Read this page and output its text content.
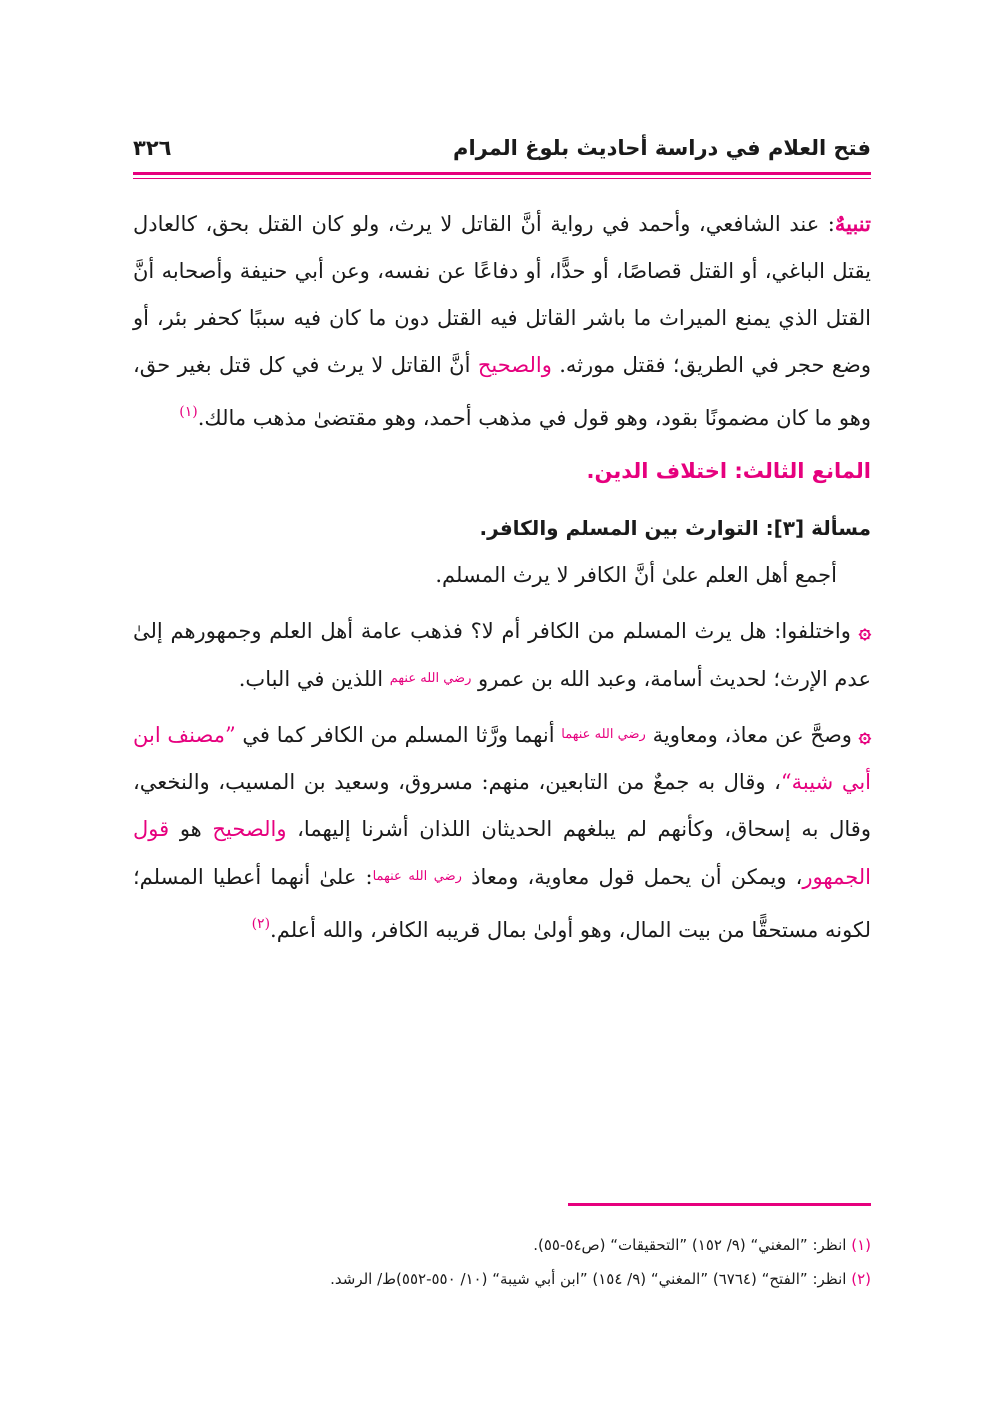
فتح العلام في دراسة أحاديث بلوغ المرام
٣٢٦

تنبيهٌ: عند الشافعي، وأحمد في رواية أنَّ القاتل لا يرث، ولو كان القتل بحق، كالعادل يقتل الباغي، أو القتل قصاصًا، أو حدًّا، أو دفاعًا عن نفسه، وعن أبي حنيفة وأصحابه أنَّ القتل الذي يمنع الميراث ما باشر القاتل فيه القتل دون ما كان فيه سببًا كحفر بئر، أو وضع حجر في الطريق؛ فقتل مورثه. والصحيح أنَّ القاتل لا يرث في كل قتل بغير حق، وهو ما كان مضمونًا بقود، وهو قول في مذهب أحمد، وهو مقتضىٰ مذهب مالك.$^{(١)}$

المانع الثالث: اختلاف الدين.

مسألة [٣]: التوارث بين المسلم والكافر.

أجمع أهل العلم علىٰ أنَّ الكافر لا يرث المسلم.

۞ واختلفوا: هل يرث المسلم من الكافر أم لا؟ فذهب عامة أهل العلم وجمهورهم إلىٰ عدم الإرث؛ لحديث أسامة، وعبد الله بن عمرو رضي الله عنهم اللذين في الباب.

۞ وصحَّ عن معاذ، ومعاوية رضي الله عنهما أنهما ورَّثا المسلم من الكافر كما في ”مصنف ابن أبي شيبة“، وقال به جمعٌ من التابعين، منهم: مسروق، وسعيد بن المسيب، والنخعي، وقال به إسحاق، وكأنهم لم يبلغهم الحديثان اللذان أشرنا إليهما، والصحيح هو قول الجمهور، ويمكن أن يحمل قول معاوية، ومعاذ رضي الله عنهما: علىٰ أنهما أعطيا المسلم؛ لكونه مستحقًّا من بيت المال، وهو أولىٰ بمال قريبه الكافر، والله أعلم.$^{(٢)}$

(١) انظر: ”المغني“ (٩/ ١٥٢) ”التحقيقات“ (ص٥٤-٥٥).

(٢) انظر: ”الفتح“ (٦٧٦٤) ”المغني“ (٩/ ١٥٤) ”ابن أبي شيبة“ (١٠/ ٥٥٠-٥٥٢)ط/ الرشد.
